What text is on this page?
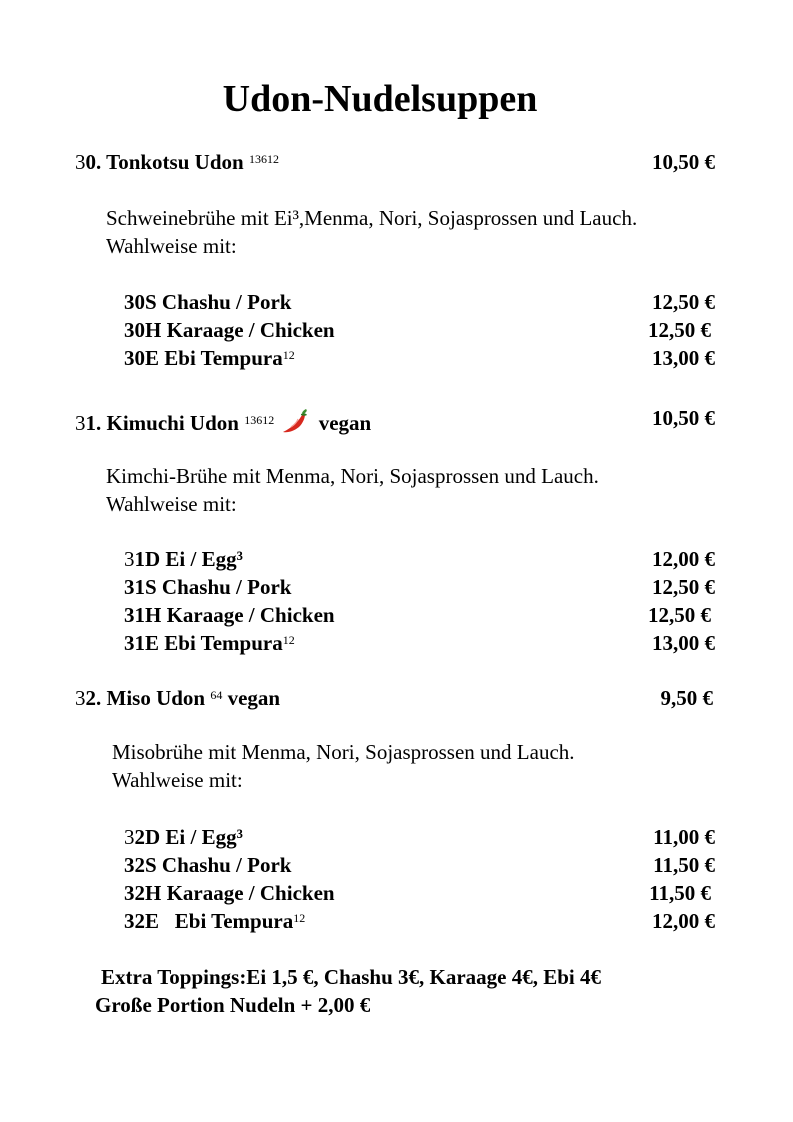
Udon-Nudelsuppen
30. Tonkotsu Udon $^{13612}$	10,50 €
Schweinebrühe mit Ei³,Menma, Nori, Sojasprossen und Lauch.
Wahlweise mit:
30S Chashu / Pork	12,50 €
30H Karaage / Chicken	12,50 €
30E Ebi Tempura$^{12}$	13,00 €
31. Kimuchi Udon $^{13612}$ vegan	10,50 €
Kimchi-Brühe mit Menma, Nori, Sojasprossen und Lauch.
Wahlweise mit:
31D Ei / Egg³	12,00 €
31S Chashu / Pork	12,50 €
31H Karaage / Chicken	12,50 €
31E Ebi Tempura$^{12}$	13,00 €
32. Miso Udon $^{64}$ vegan	9,50 €
Misobrühe mit Menma, Nori, Sojasprossen und Lauch.
Wahlweise mit:
32D Ei / Egg³	11,00 €
32S Chashu / Pork	11,50 €
32H Karaage / Chicken	11,50 €
32E   Ebi Tempura$^{12}$	12,00 €
Extra Toppings:Ei 1,5 €, Chashu 3€, Karaage 4€, Ebi 4€
Große Portion Nudeln + 2,00 €
